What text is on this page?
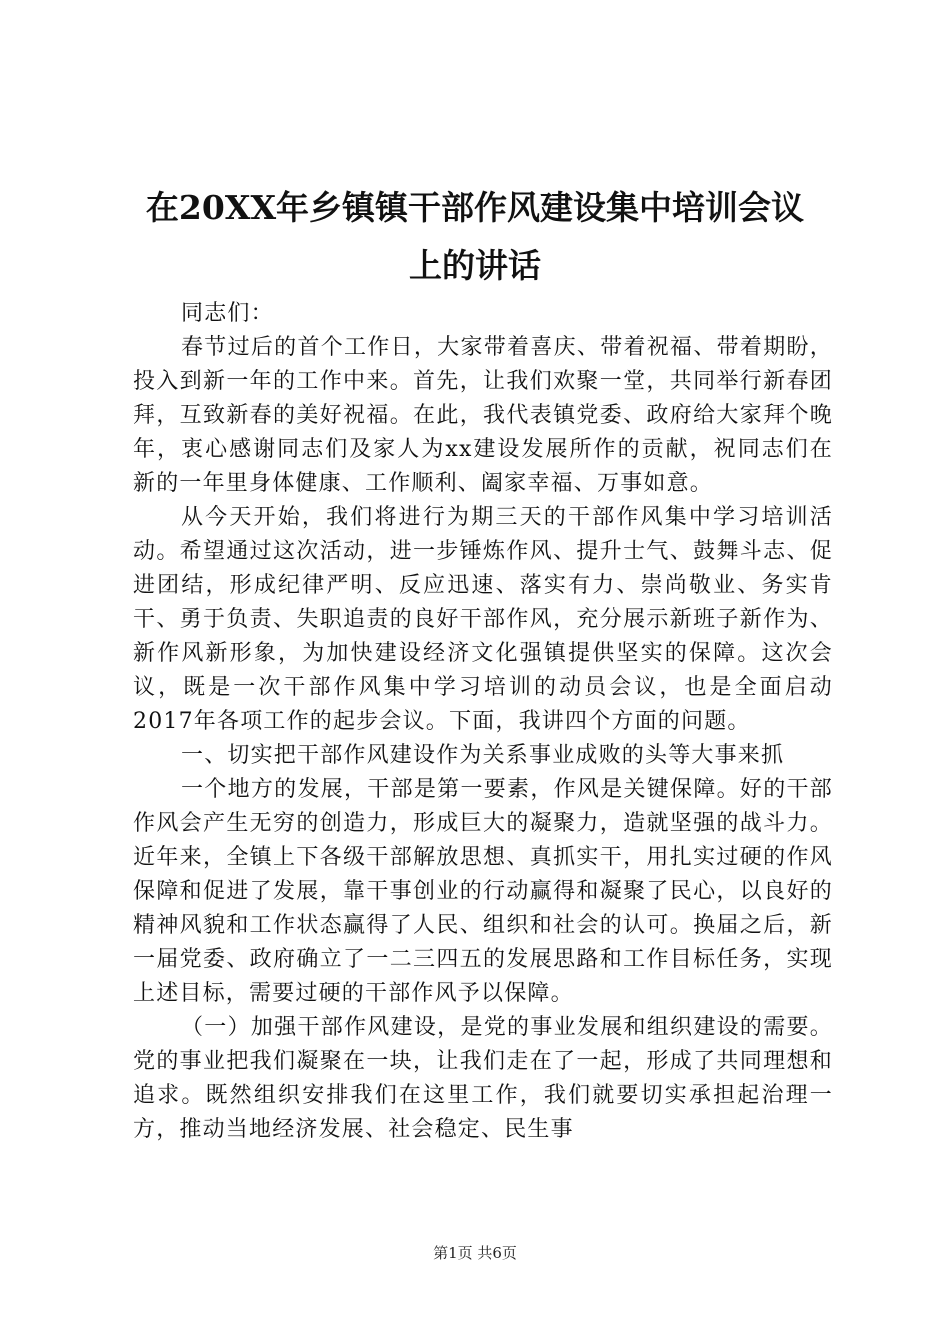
在20XX年乡镇镇干部作风建设集中培训会议
上的讲话

同志们：

春节过后的首个工作日，大家带着喜庆、带着祝福、带着期盼，投入到新一年的工作中来。首先，让我们欢聚一堂，共同举行新春团拜，互致新春的美好祝福。在此，我代表镇党委、政府给大家拜个晚年，衷心感谢同志们及家人为xx建设发展所作的贡献，祝同志们在新的一年里身体健康、工作顺利、阖家幸福、万事如意。

从今天开始，我们将进行为期三天的干部作风集中学习培训活动。希望通过这次活动，进一步锤炼作风、提升士气、鼓舞斗志、促进团结，形成纪律严明、反应迅速、落实有力、崇尚敬业、务实肯干、勇于负责、失职追责的良好干部作风，充分展示新班子新作为、新作风新形象，为加快建设经济文化强镇提供坚实的保障。这次会议，既是一次干部作风集中学习培训的动员会议，也是全面启动2017年各项工作的起步会议。下面，我讲四个方面的问题。

一、切实把干部作风建设作为关系事业成败的头等大事来抓

一个地方的发展，干部是第一要素，作风是关键保障。好的干部作风会产生无穷的创造力，形成巨大的凝聚力，造就坚强的战斗力。近年来，全镇上下各级干部解放思想、真抓实干，用扎实过硬的作风保障和促进了发展，靠干事创业的行动赢得和凝聚了民心，以良好的精神风貌和工作状态赢得了人民、组织和社会的认可。换届之后，新一届党委、政府确立了一二三四五的发展思路和工作目标任务，实现上述目标，需要过硬的干部作风予以保障。

（一）加强干部作风建设，是党的事业发展和组织建设的需要。党的事业把我们凝聚在一块，让我们走在了一起，形成了共同理想和追求。既然组织安排我们在这里工作，我们就要切实承担起治理一方，推动当地经济发展、社会稳定、民生事

第1页 共6页
